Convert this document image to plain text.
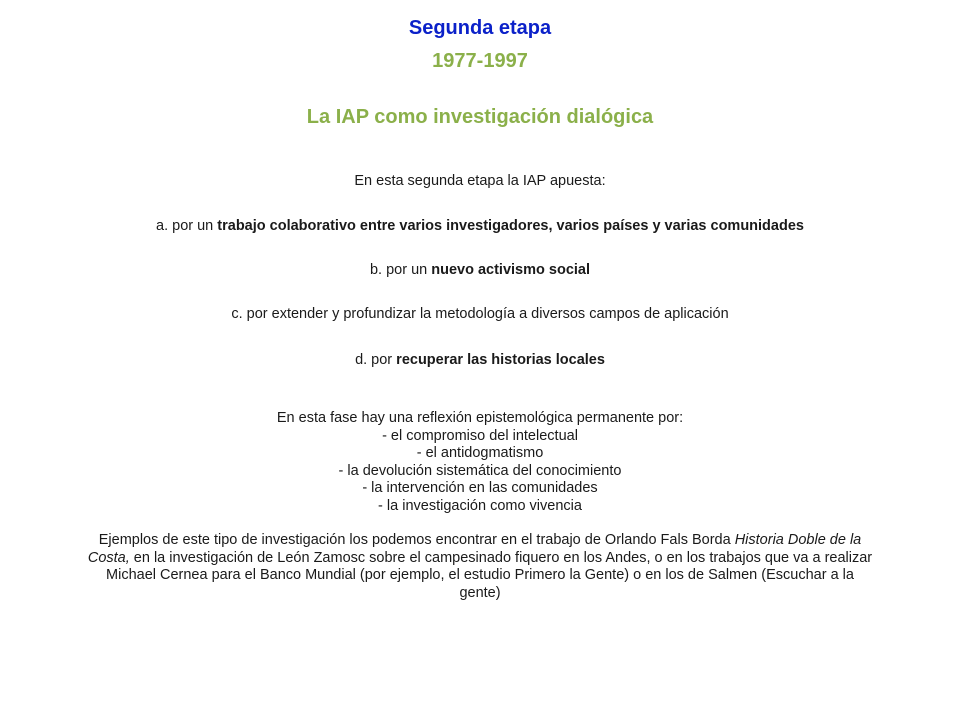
Segunda etapa
1977-1997
La IAP como investigación dialógica
En esta segunda etapa la IAP apuesta:
a. por un trabajo colaborativo entre varios investigadores, varios países y varias comunidades
b. por un nuevo activismo social
c. por extender y profundizar la metodología a diversos campos de aplicación
d. por recuperar las historias locales
En esta fase hay una reflexión epistemológica permanente por:
- el compromiso del intelectual
- el antidogmatismo
- la devolución sistemática del conocimiento
- la intervención en las comunidades
- la investigación como vivencia
Ejemplos de este tipo de investigación los podemos encontrar en el trabajo de Orlando Fals Borda Historia Doble de la Costa, en la investigación de León Zamosc sobre el campesinado fiquero en los Andes, o en los trabajos que va a realizar Michael Cernea para el Banco Mundial (por ejemplo, el estudio Primero la Gente) o en los de Salmen (Escuchar a la gente)
